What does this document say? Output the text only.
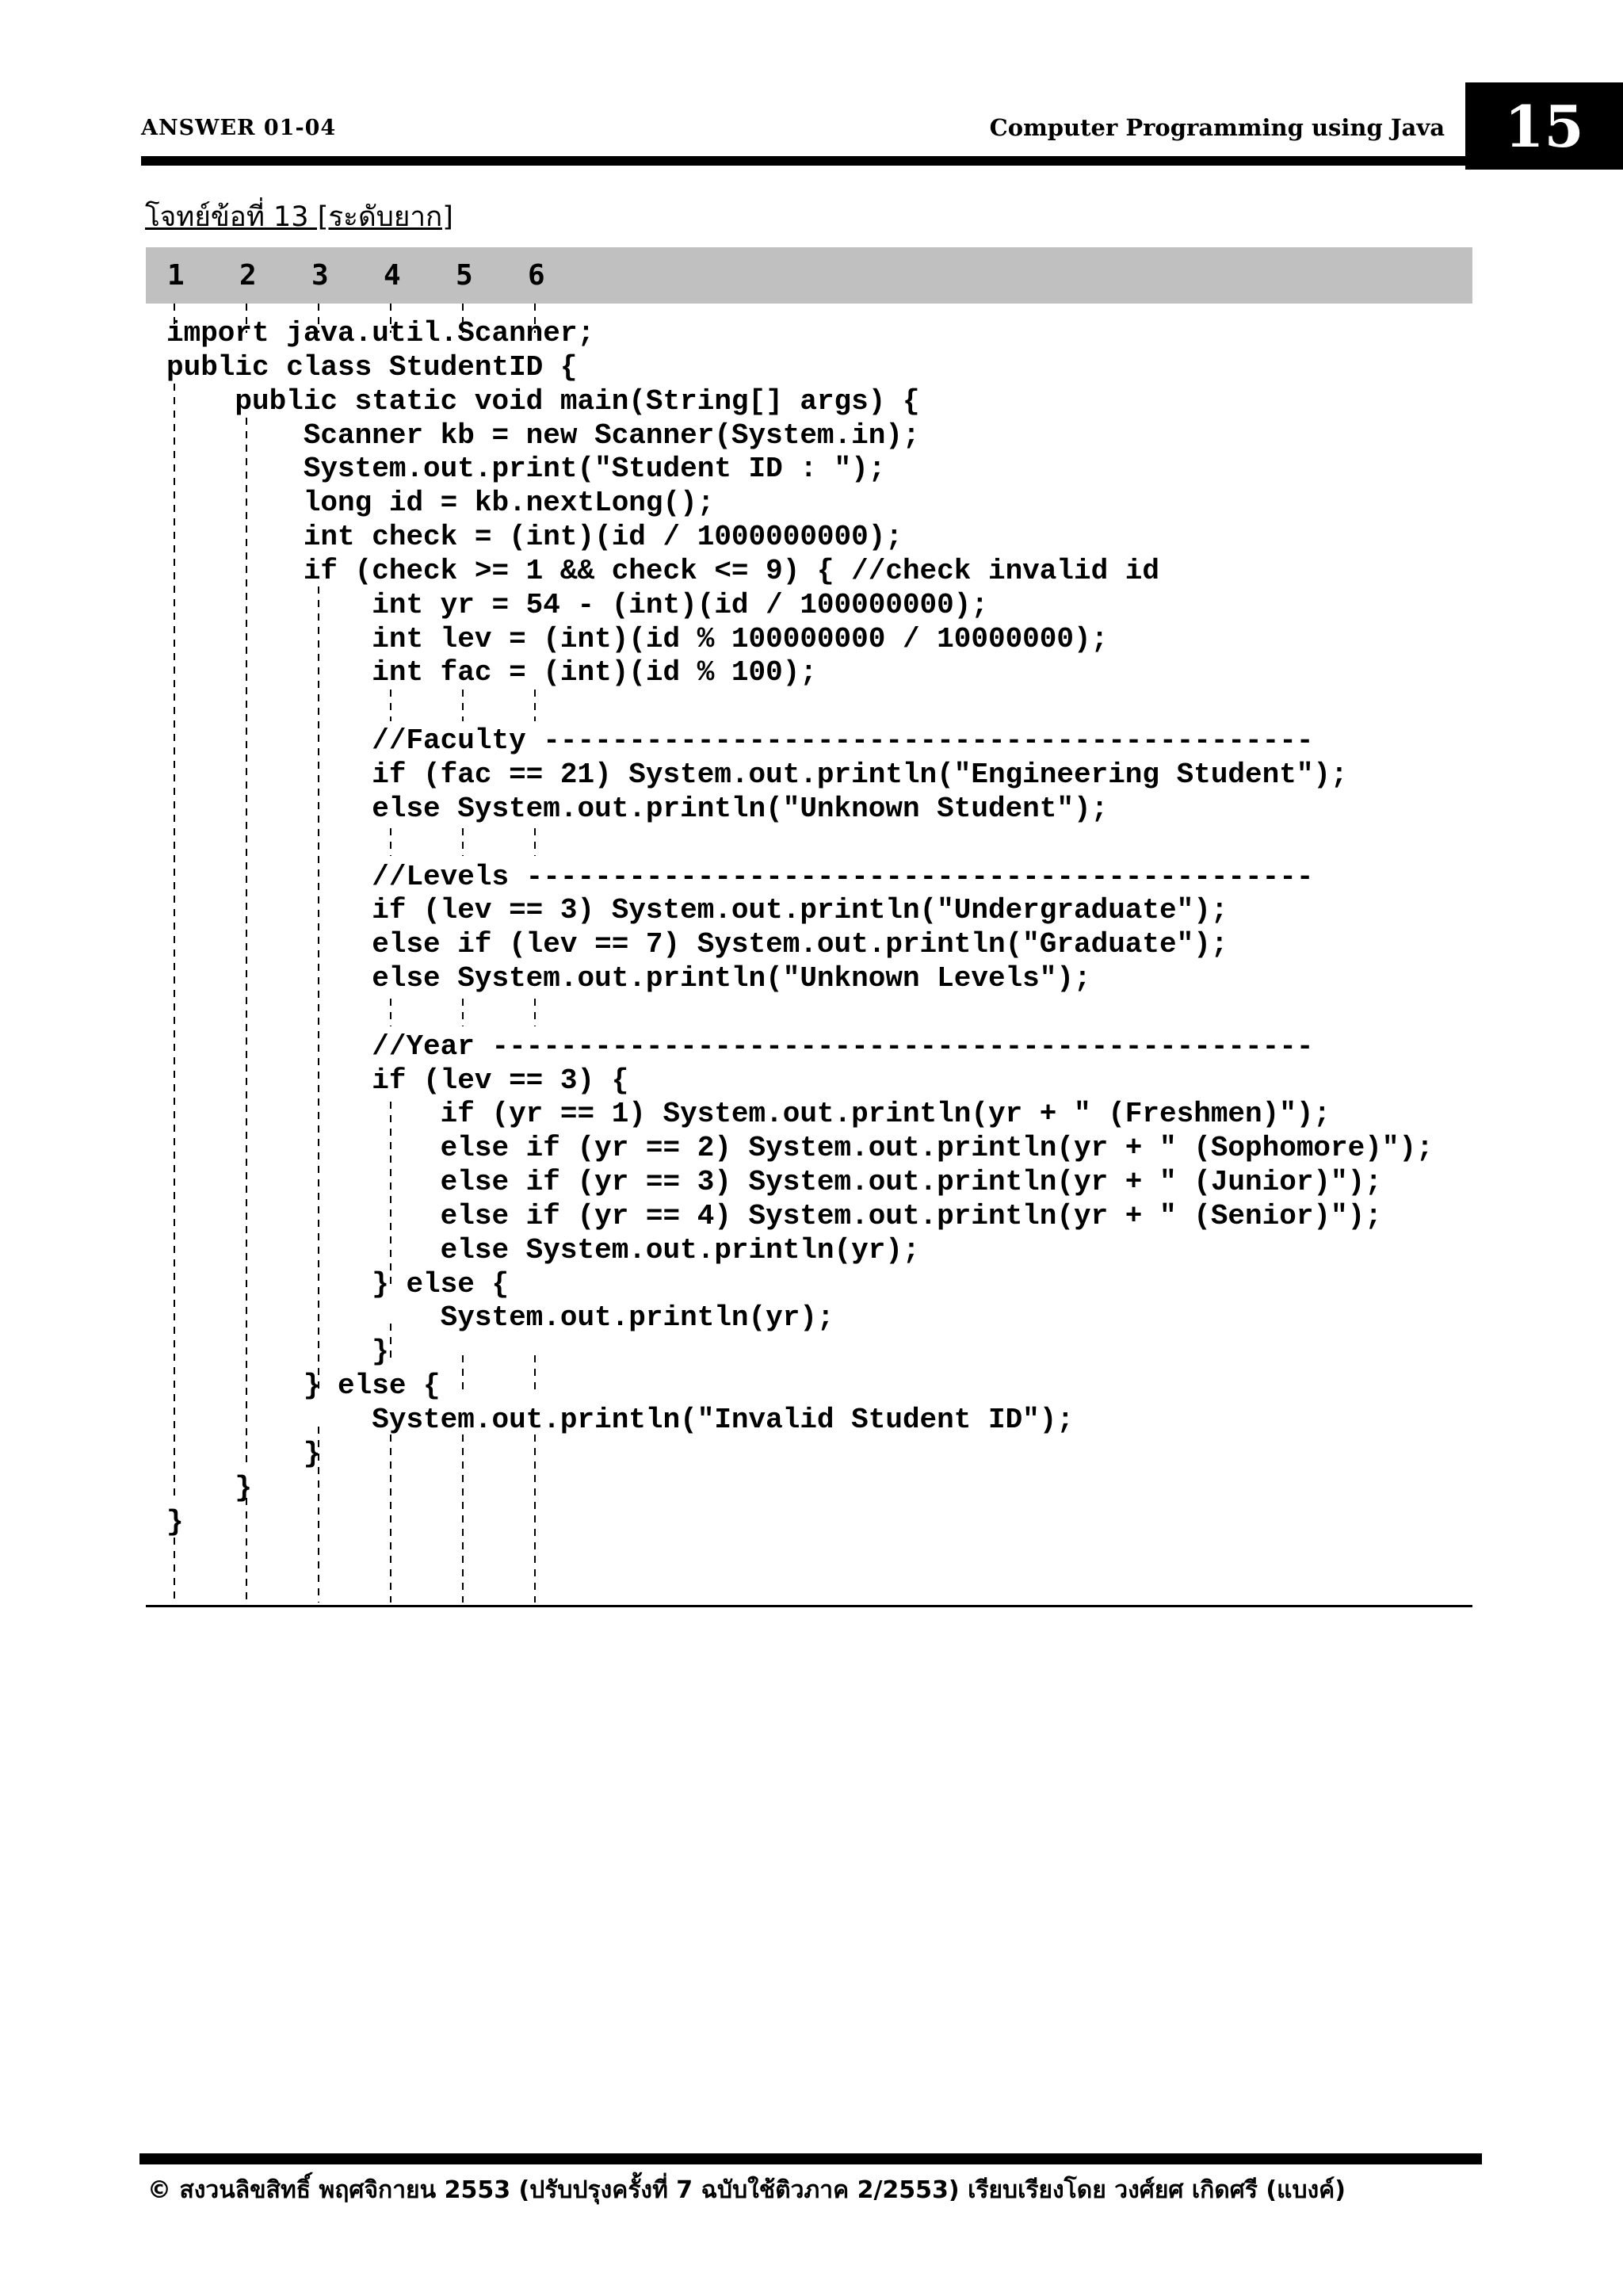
ANSWER 01-04	Computer Programming using Java	15
โจทย์ข้อที่ 13 [ระดับยาก]
1 2 3 4 5 6
import java.util.Scanner;
public class StudentID {
public static void main(String[] args) {
Scanner kb = new Scanner(System.in);
System.out.print("Student ID : ");
long id = kb.nextLong();
int check = (int)(id / 1000000000);
if (check >= 1 && check <= 9) { //check invalid id
int yr = 54 - (int)(id / 100000000);
int lev = (int)(id % 100000000 / 10000000);
int fac = (int)(id % 100);
//Faculty ---------------------------------------------
if (fac == 21) System.out.println("Engineering Student");
else System.out.println("Unknown Student");
//Levels ----------------------------------------------
if (lev == 3) System.out.println("Undergraduate");
else if (lev == 7) System.out.println("Graduate");
else System.out.println("Unknown Levels");
//Year ------------------------------------------------
if (lev == 3) {
if (yr == 1) System.out.println(yr + " (Freshmen)");
else if (yr == 2) System.out.println(yr + " (Sophomore)");
else if (yr == 3) System.out.println(yr + " (Junior)");
else if (yr == 4) System.out.println(yr + " (Senior)");
else System.out.println(yr);
} else {
System.out.println(yr);
}
} else {
System.out.println("Invalid Student ID");
}
}
}
© สงวนลิขสิทธิ์ พฤศจิกายน 2553 (ปรับปรุงครั้งที่ 7 ฉบับใช้ติวภาค 2/2553) เรียบเรียงโดย วงศ์ยศ เกิดศรี (แบงค์)
